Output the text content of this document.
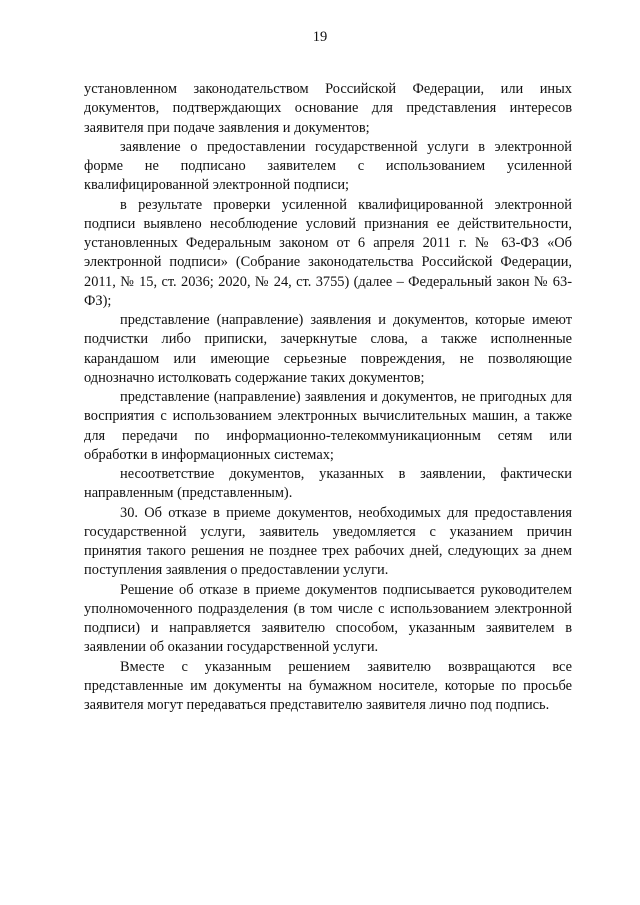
19

установленном законодательством Российской Федерации, или иных документов, подтверждающих основание для представления интересов заявителя при подаче заявления и документов;

заявление о предоставлении государственной услуги в электронной форме не подписано заявителем с использованием усиленной квалифицированной электронной подписи;

в результате проверки усиленной квалифицированной электронной подписи выявлено несоблюдение условий признания ее действительности, установленных Федеральным законом от 6 апреля 2011 г. № 63-ФЗ «Об электронной подписи» (Собрание законодательства Российской Федерации, 2011, № 15, ст. 2036; 2020, № 24, ст. 3755) (далее – Федеральный закон № 63-ФЗ);

представление (направление) заявления и документов, которые имеют подчистки либо приписки, зачеркнутые слова, а также исполненные карандашом или имеющие серьезные повреждения, не позволяющие однозначно истолковать содержание таких документов;

представление (направление) заявления и документов, не пригодных для восприятия с использованием электронных вычислительных машин, а также для передачи по информационно-телекоммуникационным сетям или обработки в информационных системах;

несоответствие документов, указанных в заявлении, фактически направленным (представленным).

30. Об отказе в приеме документов, необходимых для предоставления государственной услуги, заявитель уведомляется с указанием причин принятия такого решения не позднее трех рабочих дней, следующих за днем поступления заявления о предоставлении услуги.

Решение об отказе в приеме документов подписывается руководителем уполномоченного подразделения (в том числе с использованием электронной подписи) и направляется заявителю способом, указанным заявителем в заявлении об оказании государственной услуги.

Вместе с указанным решением заявителю возвращаются все представленные им документы на бумажном носителе, которые по просьбе заявителя могут передаваться представителю заявителя лично под подпись.
